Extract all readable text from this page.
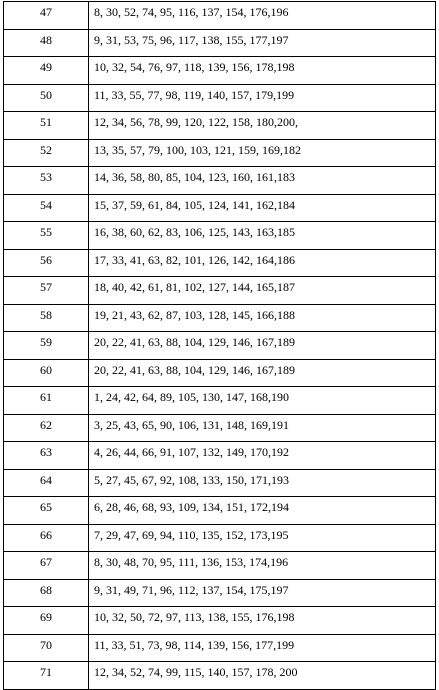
47	8, 30, 52, 74, 95, 116, 137, 154, 176,196
48	9, 31, 53, 75, 96, 117, 138, 155, 177,197
49	10, 32, 54, 76, 97, 118, 139, 156, 178,198
50	11, 33, 55, 77, 98, 119, 140, 157, 179,199
51	12, 34, 56, 78, 99, 120, 122, 158, 180,200,
52	13, 35, 57, 79, 100, 103, 121, 159, 169,182
53	14, 36, 58, 80, 85, 104, 123, 160, 161,183
54	15, 37, 59, 61, 84, 105, 124, 141, 162,184
55	16, 38, 60, 62, 83, 106, 125, 143, 163,185
56	17, 33, 41, 63, 82, 101, 126, 142, 164,186
57	18, 40, 42, 61, 81, 102, 127, 144, 165,187
58	19, 21, 43, 62, 87, 103, 128, 145, 166,188
59	20, 22, 41, 63, 88, 104, 129, 146, 167,189
60	20, 22, 41, 63, 88, 104, 129, 146, 167,189
61	1, 24, 42, 64, 89, 105, 130, 147, 168,190
62	3, 25, 43, 65, 90, 106, 131, 148, 169,191
63	4, 26, 44, 66, 91, 107, 132, 149, 170,192
64	5, 27, 45, 67, 92, 108, 133, 150, 171,193
65	6, 28, 46, 68, 93, 109, 134, 151, 172,194
66	7, 29, 47, 69, 94, 110, 135, 152, 173,195
67	8, 30, 48, 70, 95, 111, 136, 153, 174,196
68	9, 31, 49, 71, 96, 112, 137, 154, 175,197
69	10, 32, 50, 72, 97, 113, 138, 155, 176,198
70	11, 33, 51, 73, 98, 114, 139, 156, 177,199
71	12, 34, 52, 74, 99, 115, 140, 157, 178, 200
